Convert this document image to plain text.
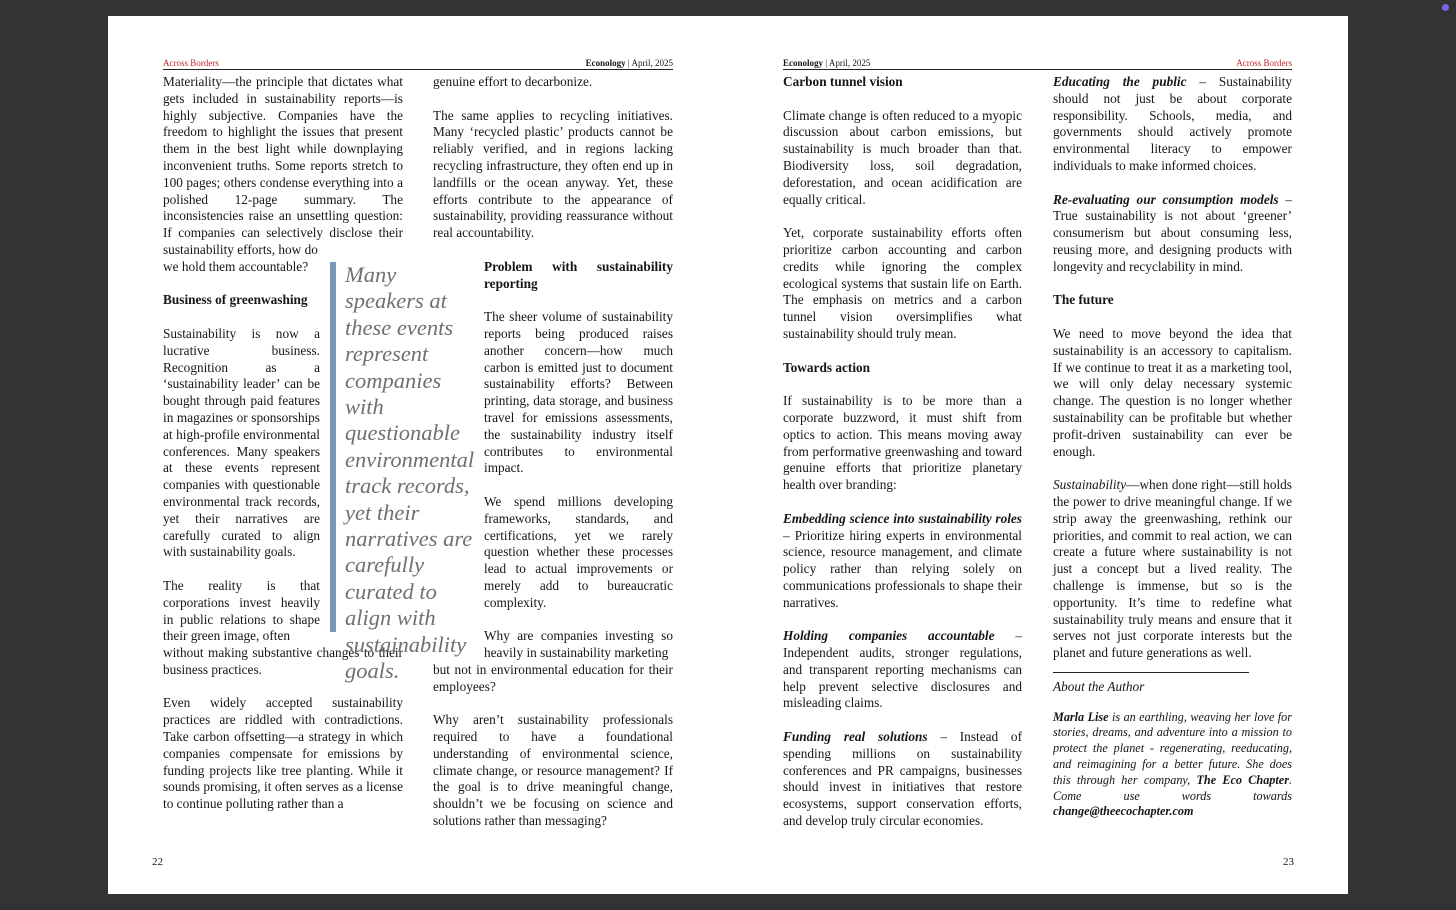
Across Borders	Econology | April, 2025

Materiality—the principle that dictates what gets included in sustainability reports—is highly subjective. Companies have the freedom to highlight the issues that present them in the best light while downplaying inconvenient truths. Some reports stretch to 100 pages; others condense everything into a polished 12-page summary. The inconsistencies raise an unsettling question: If companies can selectively disclose their sustainability efforts, how do
we hold them accountable?

Business of greenwashing

Sustainability is now a lucrative business. Recognition as a ‘sustainability leader’ can be bought through paid features in magazines or sponsorships at high-profile environmental conferences. Many speakers at these events represent companies with questionable environmental track records, yet their narratives are carefully curated to align with sustainability goals.

The reality is that corporations invest heavily in public relations to shape their green image, often
without making substantive changes to their business practices.

Even widely accepted sustainability practices are riddled with contradictions. Take carbon offsetting—a strategy in which companies compensate for emissions by funding projects like tree planting. While it sounds promising, it often serves as a license to continue polluting rather than a

Many speakers at these events represent companies with questionable environmental track records, yet their narratives are carefully curated to align with sustainability goals.

genuine effort to decarbonize.

The same applies to recycling initiatives. Many ‘recycled plastic’ products cannot be reliably verified, and in regions lacking recycling infrastructure, they often end up in landfills or the ocean anyway. Yet, these efforts contribute to the appearance of sustainability, providing reassurance without real accountability.

Problem with sustainability reporting

The sheer volume of sustainability reports being produced raises another concern—how much carbon is emitted just to document sustainability efforts? Between printing, data storage, and business travel for emissions assessments, the sustainability industry itself contributes to environmental impact.

We spend millions developing frameworks, standards, and certifications, yet we rarely question whether these processes lead to actual improvements or merely add to bureaucratic complexity.

Why are companies investing so heavily in sustainability marketing
but not in environmental education for their employees?

Why aren’t sustainability professionals required to have a foundational understanding of environmental science, climate change, or resource management? If the goal is to drive meaningful change, shouldn’t we be focusing on science and solutions rather than messaging?

22
Econology | April, 2025	Across Borders
Carbon tunnel vision

Climate change is often reduced to a myopic discussion about carbon emissions, but sustainability is much broader than that. Biodiversity loss, soil degradation, deforestation, and ocean acidification are equally critical.

Yet, corporate sustainability efforts often prioritize carbon accounting and carbon credits while ignoring the complex ecological systems that sustain life on Earth. The emphasis on metrics and a carbon tunnel vision oversimplifies what sustainability should truly mean.

Towards action

If sustainability is to be more than a corporate buzzword, it must shift from optics to action. This means moving away from performative greenwashing and toward genuine efforts that prioritize planetary health over branding:

Embedding science into sustainability roles – Prioritize hiring experts in environmental science, resource management, and climate policy rather than relying solely on communications professionals to shape their narratives.

Holding companies accountable – Independent audits, stronger regulations, and transparent reporting mechanisms can help prevent selective disclosures and misleading claims.

Funding real solutions – Instead of spending millions on sustainability conferences and PR campaigns, businesses should invest in initiatives that restore ecosystems, support conservation efforts, and develop truly circular economies.

Educating the public – Sustainability should not just be about corporate responsibility. Schools, media, and governments should actively promote environmental literacy to empower individuals to make informed choices.

Re-evaluating our consumption models – True sustainability is not about ‘greener’ consumerism but about consuming less, reusing more, and designing products with longevity and recyclability in mind.

The future

We need to move beyond the idea that sustainability is an accessory to capitalism. If we continue to treat it as a marketing tool, we will only delay necessary systemic change. The question is no longer whether sustainability can be profitable but whether profit-driven sustainability can ever be enough.

Sustainability—when done right—still holds the power to drive meaningful change. If we strip away the greenwashing, rethink our priorities, and commit to real action, we can create a future where sustainability is not just a concept but a lived reality. The challenge is immense, but so is the opportunity. It’s time to redefine what sustainability truly means and ensure that it serves not just corporate interests but the planet and future generations as well.

About the Author

Marla Lise is an earthling, weaving her love for stories, dreams, and adventure into a mission to protect the planet - regenerating, reeducating, and reimagining for a better future. She does this through her company, The Eco Chapter. Come use words towards change@theecochapter.com

23
